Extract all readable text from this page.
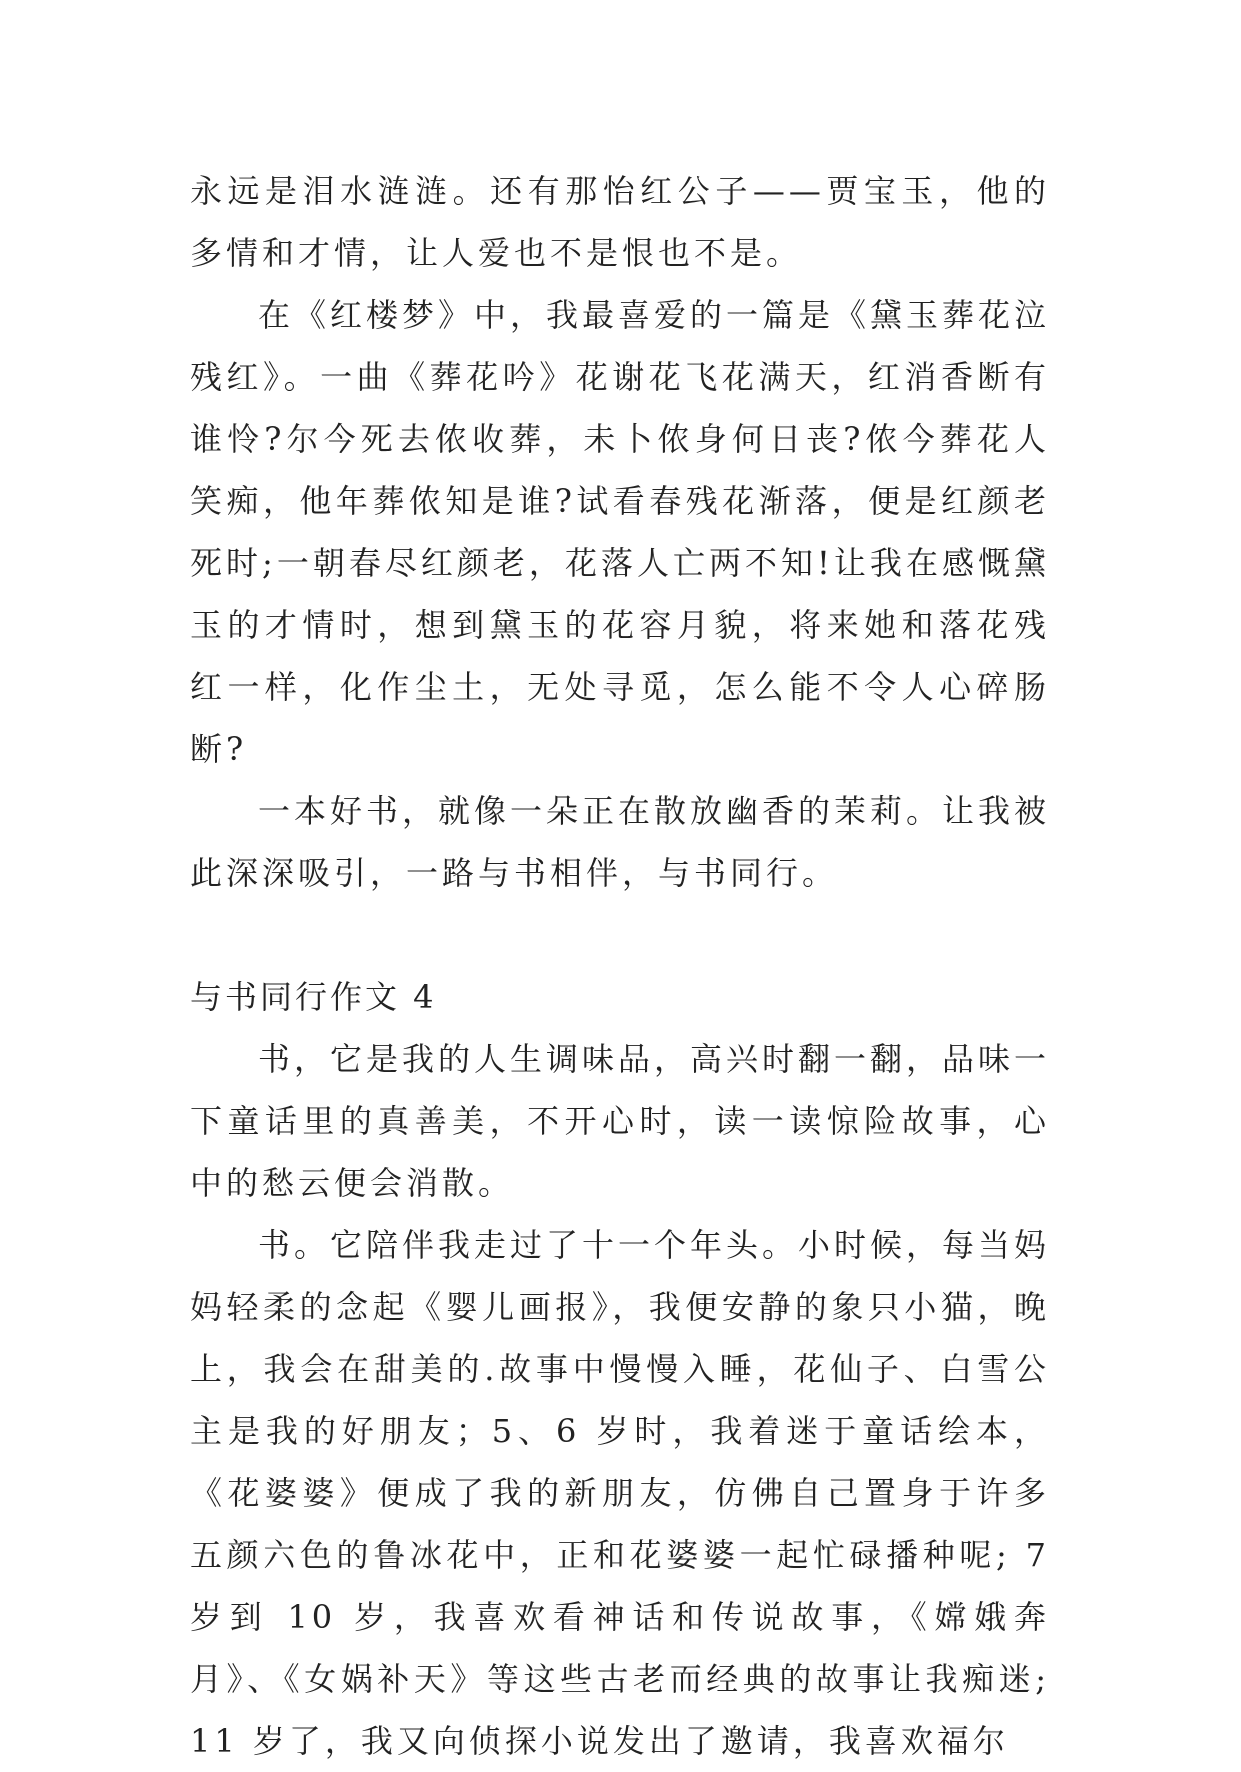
永远是泪水涟涟。还有那怡红公子——贾宝玉，他的多情和才情，让人爱也不是恨也不是。

在《红楼梦》中，我最喜爱的一篇是《黛玉葬花泣残红》。一曲《葬花吟》花谢花飞花满天，红消香断有谁怜?尔今死去侬收葬，未卜侬身何日丧?侬今葬花人笑痴，他年葬侬知是谁?试看春残花渐落，便是红颜老死时;一朝春尽红颜老，花落人亡两不知!让我在感慨黛玉的才情时，想到黛玉的花容月貌，将来她和落花残红一样，化作尘土，无处寻觅，怎么能不令人心碎肠断?

一本好书，就像一朵正在散放幽香的茉莉。让我被此深深吸引，一路与书相伴，与书同行。

与书同行作文 4

书，它是我的人生调味品，高兴时翻一翻，品味一下童话里的真善美，不开心时，读一读惊险故事，心中的愁云便会消散。

书。它陪伴我走过了十一个年头。小时候，每当妈妈轻柔的念起《婴儿画报》，我便安静的象只小猫，晚上，我会在甜美的.故事中慢慢入睡，花仙子、白雪公主是我的好朋友；5、6 岁时，我着迷于童话绘本，《花婆婆》便成了我的新朋友，仿佛自己置身于许多五颜六色的鲁冰花中，正和花婆婆一起忙碌播种呢; 7 岁到 10 岁，我喜欢看神话和传说故事，《嫦娥奔月》、《女娲补天》等这些古老而经典的故事让我痴迷; 11 岁了，我又向侦探小说发出了邀请，我喜欢福尔
